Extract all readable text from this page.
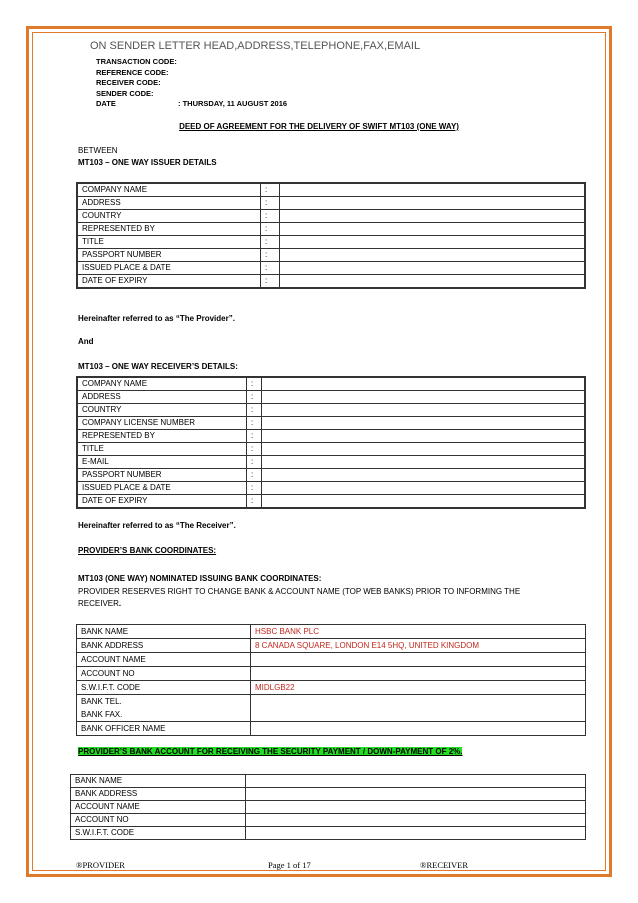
ON SENDER LETTER HEAD,ADDRESS,TELEPHONE,FAX,EMAIL
TRANSACTION CODE:
REFERENCE CODE:
RECEIVER CODE:
SENDER CODE:
DATE	: THURSDAY, 11 AUGUST 2016
DEED OF AGREEMENT FOR THE DELIVERY OF SWIFT MT103 (ONE WAY)
BETWEEN
MT103 – ONE WAY ISSUER DETAILS
COMPANY NAME	:	
ADDRESS	:	
COUNTRY	:	
REPRESENTED BY	:	
TITLE	:	
PASSPORT NUMBER	:	
ISSUED PLACE & DATE	:	
DATE OF EXPIRY	:	
Hereinafter referred to as “The Provider”.
And
MT103 – ONE WAY RECEIVER’S DETAILS:
COMPANY NAME	:	
ADDRESS	:	
COUNTRY	:	
COMPANY LICENSE NUMBER	:	
REPRESENTED BY	:	
TITLE	:	
E-MAIL	:	
PASSPORT NUMBER	:	
ISSUED PLACE & DATE	:	
DATE OF EXPIRY	:	
Hereinafter referred to as “The Receiver”.
PROVIDER’S BANK COORDINATES:
MT103 (ONE WAY) NOMINATED ISSUING BANK COORDINATES:
PROVIDER RESERVES RIGHT TO CHANGE BANK & ACCOUNT NAME (TOP WEB BANKS) PRIOR TO INFORMING THE
RECEIVER.
BANK NAME	HSBC BANK PLC
BANK ADDRESS	8 CANADA SQUARE, LONDON E14 5HQ, UNITED KINGDOM
ACCOUNT NAME	
ACCOUNT NO	
S.W.I.F.T. CODE	MIDLGB22
BANK TEL.
BANK FAX.	
BANK OFFICER NAME	
PROVIDER’S BANK ACCOUNT FOR RECEIVING THE SECURITY PAYMENT / DOWN-PAYMENT OF 2%.
BANK NAME	
BANK ADDRESS	
ACCOUNT NAME	
ACCOUNT NO	
S.W.I.F.T. CODE	
®PROVIDER	Page 1 of 17	®RECEIVER
